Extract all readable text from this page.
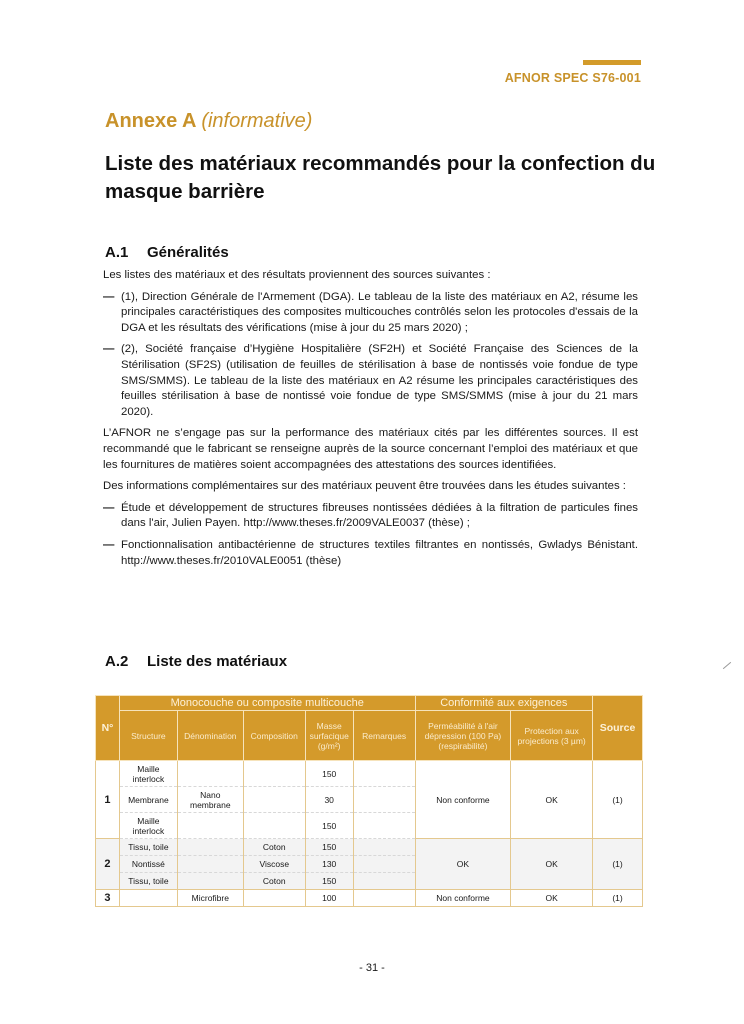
AFNOR SPEC S76-001
Annexe A (informative)
Liste des matériaux recommandés pour la confection du masque barrière
A.1 Généralités

Les listes des matériaux et des résultats proviennent des sources suivantes :

— (1), Direction Générale de l'Armement (DGA). Le tableau de la liste des matériaux en A2, résume les principales caractéristiques des composites multicouches contrôlés selon les protocoles d'essais de la DGA et les résultats des vérifications (mise à jour du 25 mars 2020) ;
— (2), Société française d’Hygiène Hospitalière (SF2H) et Société Française des Sciences de la Stérilisation (SF2S) (utilisation de feuilles de stérilisation à base de nontissés voie fondue de type SMS/SMMS). Le tableau de la liste des matériaux en A2 résume les principales caractéristiques des feuilles stérilisation à base de nontissé voie fondue de type SMS/SMMS (mise à jour du 21 mars 2020).

L’AFNOR ne s’engage pas sur la performance des matériaux cités par les différentes sources. Il est recommandé que le fabricant se renseigne auprès de la source concernant l’emploi des matériaux et que les fournitures de matières soient accompagnées des attestations des sources identifiées.

Des informations complémentaires sur des matériaux peuvent être trouvées dans les études suivantes :

— Étude et développement de structures fibreuses nontissées dédiées à la filtration de particules fines dans l'air, Julien Payen. http://www.theses.fr/2009VALE0037 (thèse) ;
— Fonctionnalisation antibactérienne de structures textiles filtrantes en nontissés, Gwladys Bénistant. http://www.theses.fr/2010VALE0051 (thèse)
A.2 Liste des matériaux
N°	Monocouche ou composite multicouche					Conformité aux exigences		Source
	Structure	Dénomination	Composition	Masse surfacique (g/m²)	Remarques	Perméabilité à l'air dépression (100 Pa) (respirabilité)	Protection aux projections (3 µm)	
1	Maille interlock			150		Non conforme	OK	(1)
	Membrane	Nano membrane		30				
	Maille interlock			150				
2	Tissu, toile		Coton	150		OK	OK	(1)
	Nontissé		Viscose	130				
	Tissu, toile		Coton	150				
3		Microfibre		100		Non conforme	OK	(1)
- 31 -
